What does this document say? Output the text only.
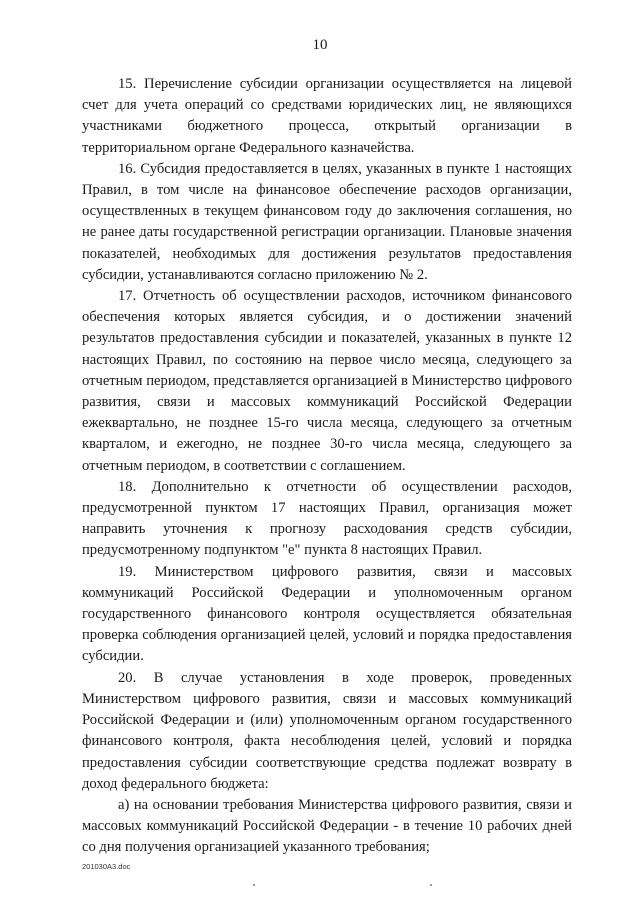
10

15. Перечисление субсидии организации осуществляется на лицевой счет для учета операций со средствами юридических лиц, не являющихся участниками бюджетного процесса, открытый организации в территориальном органе Федерального казначейства.

16. Субсидия предоставляется в целях, указанных в пункте 1 настоящих Правил, в том числе на финансовое обеспечение расходов организации, осуществленных в текущем финансовом году до заключения соглашения, но не ранее даты государственной регистрации организации. Плановые значения показателей, необходимых для достижения результатов предоставления субсидии, устанавливаются согласно приложению № 2.

17. Отчетность об осуществлении расходов, источником финансового обеспечения которых является субсидия, и о достижении значений результатов предоставления субсидии и показателей, указанных в пункте 12 настоящих Правил, по состоянию на первое число месяца, следующего за отчетным периодом, представляется организацией в Министерство цифрового развития, связи и массовых коммуникаций Российской Федерации ежеквартально, не позднее 15-го числа месяца, следующего за отчетным кварталом, и ежегодно, не позднее 30-го числа месяца, следующего за отчетным периодом, в соответствии с соглашением.

18. Дополнительно к отчетности об осуществлении расходов, предусмотренной пунктом 17 настоящих Правил, организация может направить уточнения к прогнозу расходования средств субсидии, предусмотренному подпунктом "е" пункта 8 настоящих Правил.

19. Министерством цифрового развития, связи и массовых коммуникаций Российской Федерации и уполномоченным органом государственного финансового контроля осуществляется обязательная проверка соблюдения организацией целей, условий и порядка предоставления субсидии.

20. В случае установления в ходе проверок, проведенных Министерством цифрового развития, связи и массовых коммуникаций Российской Федерации и (или) уполномоченным органом государственного финансового контроля, факта несоблюдения целей, условий и порядка предоставления субсидии соответствующие средства подлежат возврату в доход федерального бюджета:

а) на основании требования Министерства цифрового развития, связи и массовых коммуникаций Российской Федерации - в течение 10 рабочих дней со дня получения организацией указанного требования;

201030A3.doc
